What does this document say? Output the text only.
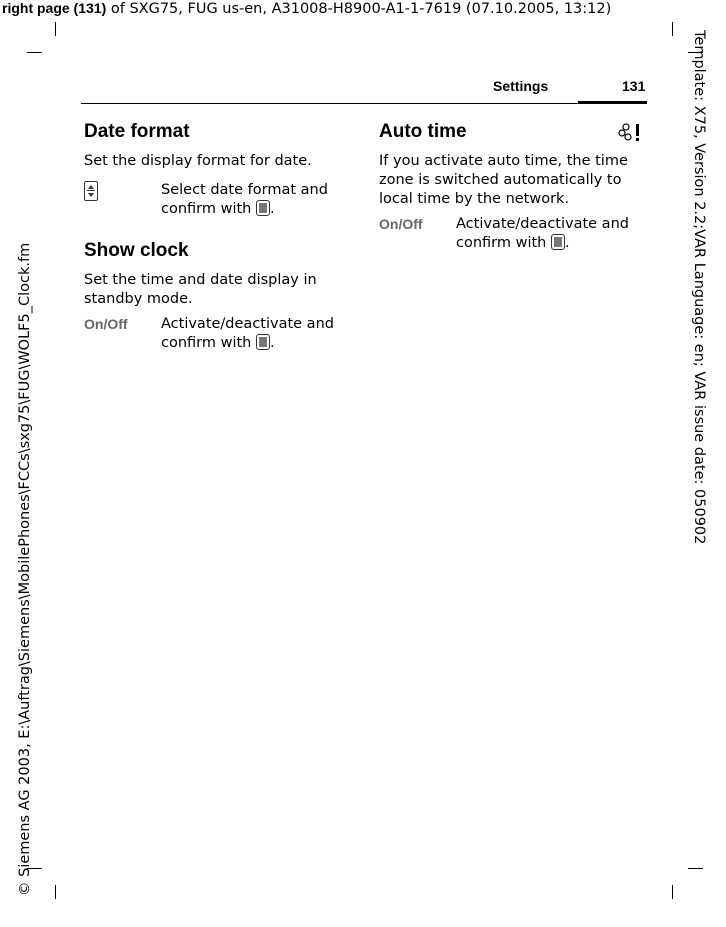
right page (131) of SXG75, FUG us-en, A31008-H8900-A1-1-7619 (07.10.2005, 13:12)
© Siemens AG 2003, E:\Auftrag\Siemens\MobilePhones\FCCs\sxg75\FUG\WOLF5_Clock.fm	Template: X75, Version 2.2;VAR Language: en; VAR issue date: 050902
Settings	131
Date format
Set the display format for date.
Select date format and confirm with .
Show clock
Set the time and date display in standby mode.
On/Off	Activate/deactivate and confirm with .
Auto time
If you activate auto time, the time zone is switched automatically to local time by the network.
On/Off	Activate/deactivate and confirm with .
